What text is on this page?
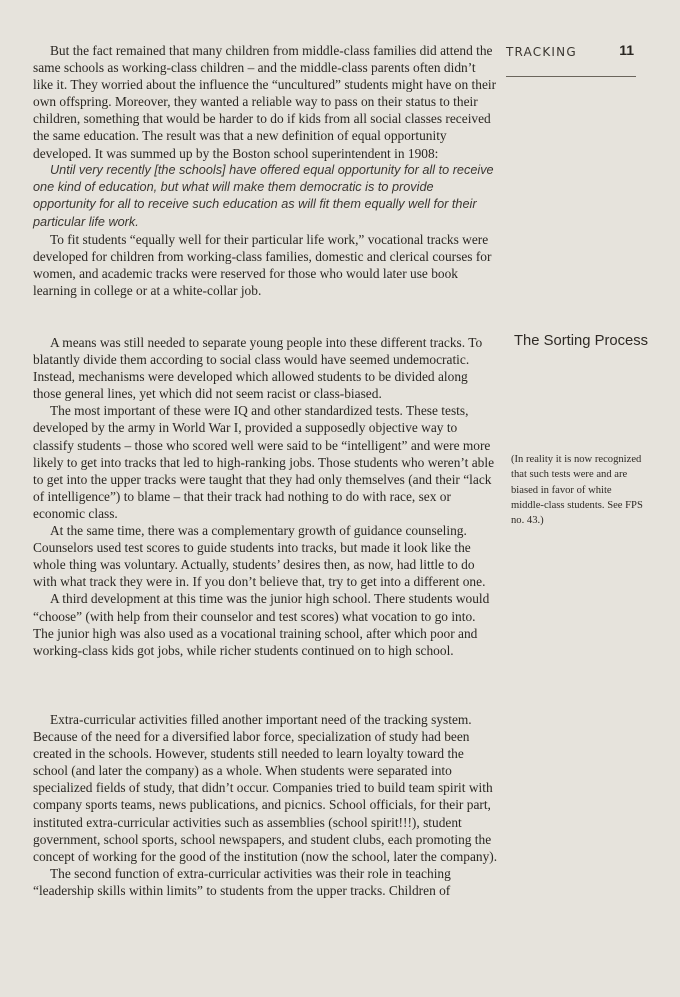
TRACKING	11

But the fact remained that many children from middle-class families did attend the same schools as working-class children – and the middle-class parents often didn’t like it. They worried about the influence the “uncultured” students might have on their own offspring. Moreover, they wanted a reliable way to pass on their status to their children, something that would be harder to do if kids from all social classes received the same education. The result was that a new definition of equal opportunity developed. It was summed up by the Boston school superintendent in 1908:

Until very recently [the schools] have offered equal opportunity for all to receive one kind of education, but what will make them democratic is to provide opportunity for all to receive such education as will fit them equally well for their particular life work.

To fit students “equally well for their particular life work,” vocational tracks were developed for children from working-class families, domestic and clerical courses for women, and academic tracks were reserved for those who would later use book learning in college or at a white-collar job.

A means was still needed to separate young people into these different tracks. To blatantly divide them according to social class would have seemed undemocratic. Instead, mechanisms were developed which allowed students to be divided along those general lines, yet which did not seem racist or class-biased.

The most important of these were IQ and other standardized tests. These tests, developed by the army in World War I, provided a supposedly objective way to classify students – those who scored well were said to be “intelligent” and were more likely to get into tracks that led to high-ranking jobs. Those students who weren’t able to get into the upper tracks were taught that they had only themselves (and their “lack of intelligence”) to blame – that their track had nothing to do with race, sex or economic class.

At the same time, there was a complementary growth of guidance counseling. Counselors used test scores to guide students into tracks, but made it look like the whole thing was voluntary. Actually, students’ desires then, as now, had little to do with what track they were in. If you don’t believe that, try to get into a different one.

A third development at this time was the junior high school. There students would “choose” (with help from their counselor and test scores) what vocation to go into. The junior high was also used as a vocational training school, after which poor and working-class kids got jobs, while richer students continued on to high school.

Extra-curricular activities filled another important need of the tracking system. Because of the need for a diversified labor force, specialization of study had been created in the schools. However, students still needed to learn loyalty toward the school (and later the company) as a whole. When students were separated into specialized fields of study, that didn’t occur. Companies tried to build team spirit with company sports teams, news publications, and picnics. School officials, for their part, instituted extra-curricular activities such as assemblies (school spirit!!!), student government, school sports, school newspapers, and student clubs, each promoting the concept of working for the good of the institution (now the school, later the company).

The second function of extra-curricular activities was their role in teaching “leadership skills within limits” to students from the upper tracks. Children of

The Sorting Process
(In reality it is now recognized that such tests were and are biased in favor of white middle-class students. See FPS no. 43.)
